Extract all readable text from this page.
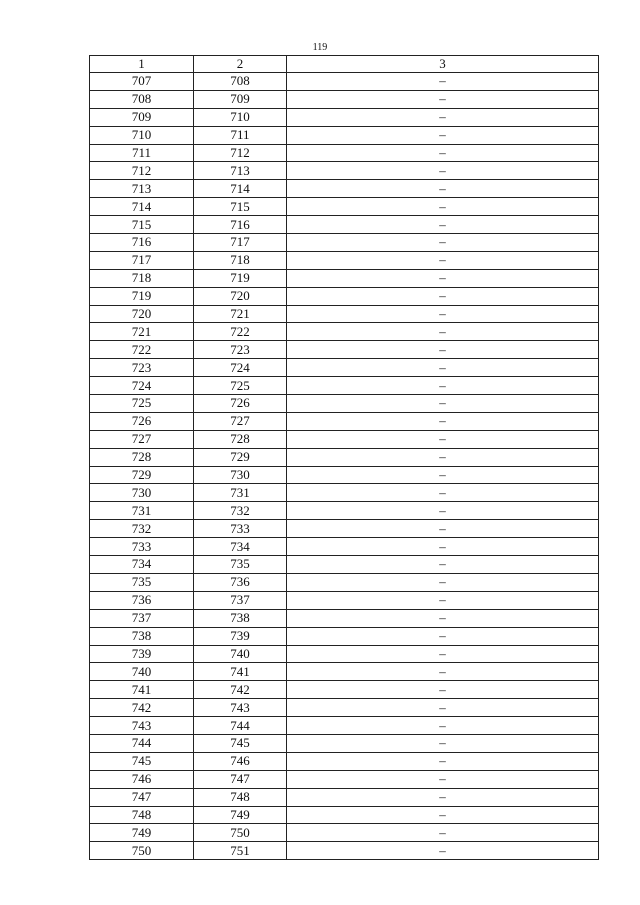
119
1	2	3
707	708	–
708	709	–
709	710	–
710	711	–
711	712	–
712	713	–
713	714	–
714	715	–
715	716	–
716	717	–
717	718	–
718	719	–
719	720	–
720	721	–
721	722	–
722	723	–
723	724	–
724	725	–
725	726	–
726	727	–
727	728	–
728	729	–
729	730	–
730	731	–
731	732	–
732	733	–
733	734	–
734	735	–
735	736	–
736	737	–
737	738	–
738	739	–
739	740	–
740	741	–
741	742	–
742	743	–
743	744	–
744	745	–
745	746	–
746	747	–
747	748	–
748	749	–
749	750	–
750	751	–
